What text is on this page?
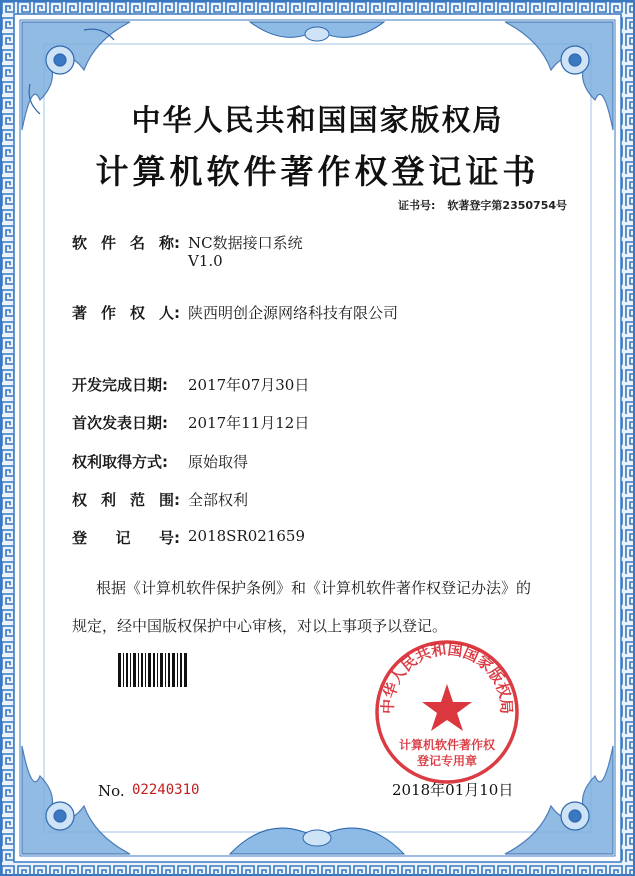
中华人民共和国国家版权局
计算机软件著作权登记证书
证书号: 软著登字第2350754号
软 件 名 称: NC数据接口系统
V1.0
著 作 权 人: 陕西明创企源网络科技有限公司
开发完成日期:	2017年07月30日
首次发表日期:	2017年11月12日
权利取得方式:	原始取得
权 利 范 围: 全部权利
登 记 号: 2018SR021659
根据《计算机软件保护条例》和《计算机软件著作权登记办法》的
规定，经中国版权保护中心审核，对以上事项予以登记。
No. 02240310	2018年01月10日
中华人民共和国国家版权局
计算机软件著作权
登记专用章
